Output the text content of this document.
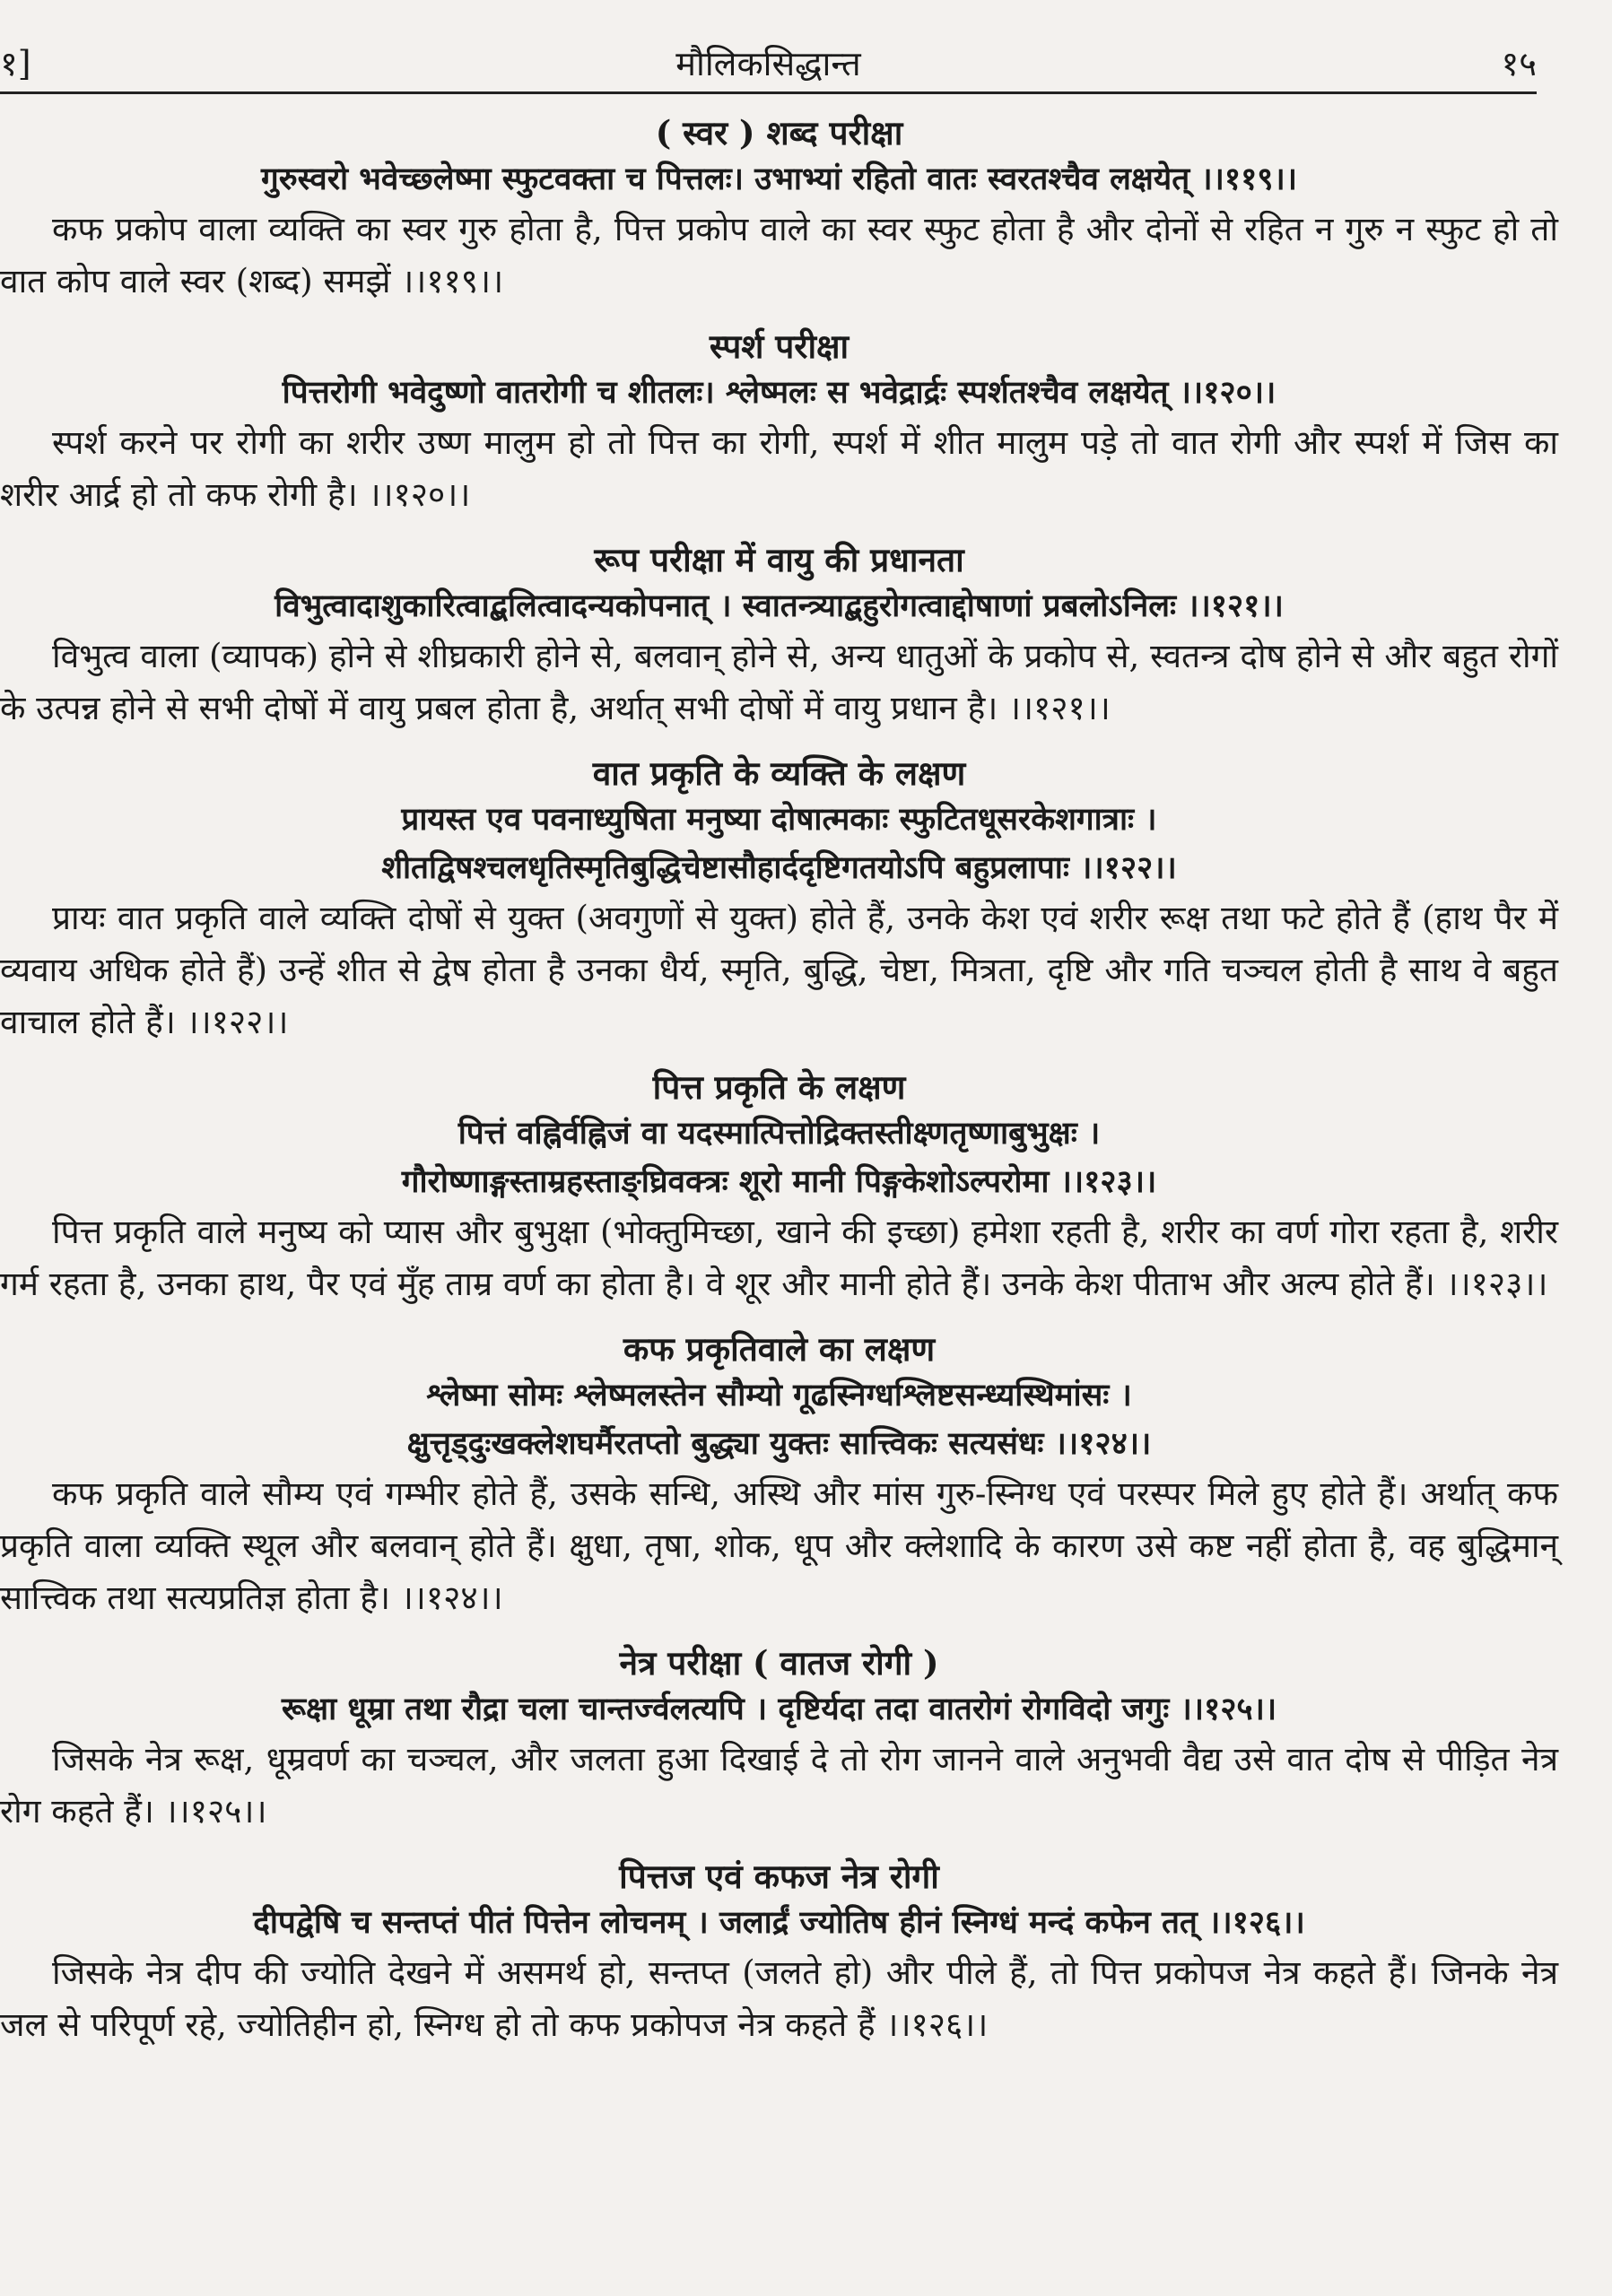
१]	मौलिकसिद्धान्त	१५
( स्वर ) शब्द परीक्षा
गुरुस्वरो भवेच्छ्लेष्मा स्फुटवक्ता च पित्तलः। उभाभ्यां रहितो वातः स्वरतश्चैव लक्षयेत् ।।११९।।

कफ प्रकोप वाला व्यक्ति का स्वर गुरु होता है, पित्त प्रकोप वाले का स्वर स्फुट होता है और दोनों से रहित न गुरु न स्फुट हो तो वात कोप वाले स्वर (शब्द) समझें ।।११९।।

स्पर्श परीक्षा
पित्तरोगी भवेदुष्णो वातरोगी च शीतलः। श्लेष्मलः स भवेद्रार्द्रः स्पर्शतश्चैव लक्षयेत् ।।१२०।।

स्पर्श करने पर रोगी का शरीर उष्ण मालुम हो तो पित्त का रोगी, स्पर्श में शीत मालुम पड़े तो वात रोगी और स्पर्श में जिस का शरीर आर्द्र हो तो कफ रोगी है। ।।१२०।।

रूप परीक्षा में वायु की प्रधानता
विभुत्वादाशुकारित्वाद्बलित्वादन्यकोपनात् । स्वातन्त्र्याद्बहुरोगत्वाद्दोषाणां प्रबलोऽनिलः ।।१२१।।

विभुत्व वाला (व्यापक) होने से शीघ्रकारी होने से, बलवान् होने से, अन्य धातुओं के प्रकोप से, स्वतन्त्र दोष होने से और बहुत रोगों के उत्पन्न होने से सभी दोषों में वायु प्रबल होता है, अर्थात् सभी दोषों में वायु प्रधान है। ।।१२१।।

वात प्रकृति के व्यक्ति के लक्षण
प्रायस्त एव पवनाध्युषिता मनुष्या दोषात्मकाः स्फुटितधूसरकेशगात्राः ।
शीतद्विषश्चलधृतिस्मृतिबुद्धिचेष्टासौहार्ददृष्टिगतयोऽपि बहुप्रलापाः ।।१२२।।

प्रायः वात प्रकृति वाले व्यक्ति दोषों से युक्त (अवगुणों से युक्त) होते हैं, उनके केश एवं शरीर रूक्ष तथा फटे होते हैं (हाथ पैर में व्यवाय अधिक होते हैं) उन्हें शीत से द्वेष होता है उनका धैर्य, स्मृति, बुद्धि, चेष्टा, मित्रता, दृष्टि और गति चञ्चल होती है साथ वे बहुत वाचाल होते हैं। ।।१२२।।

पित्त प्रकृति के लक्षण
पित्तं वह्निर्वह्निजं वा यदस्मात्पित्तोद्रिक्तस्तीक्ष्णतृष्णाबुभुक्षः ।
गौरोष्णाङ्गस्ताम्रहस्ताङ्घ्रिवक्त्रः शूरो मानी पिङ्गकेशोऽल्परोमा ।।१२३।।

पित्त प्रकृति वाले मनुष्य को प्यास और बुभुक्षा (भोक्तुमिच्छा, खाने की इच्छा) हमेशा रहती है, शरीर का वर्ण गोरा रहता है, शरीर गर्म रहता है, उनका हाथ, पैर एवं मुँह ताम्र वर्ण का होता है। वे शूर और मानी होते हैं। उनके केश पीताभ और अल्प होते हैं। ।।१२३।।

कफ प्रकृतिवाले का लक्षण
श्लेष्मा सोमः श्लेष्मलस्तेन सौम्यो गूढस्निग्धश्लिष्टसन्ध्यस्थिमांसः ।
क्षुत्तृड्दुःखक्लेशघर्मैरतप्तो बुद्ध्या युक्तः सात्त्विकः सत्यसंधः ।।१२४।।

कफ प्रकृति वाले सौम्य एवं गम्भीर होते हैं, उसके सन्धि, अस्थि और मांस गुरु-स्निग्ध एवं परस्पर मिले हुए होते हैं। अर्थात् कफ प्रकृति वाला व्यक्ति स्थूल और बलवान् होते हैं। क्षुधा, तृषा, शोक, धूप और क्लेशादि के कारण उसे कष्ट नहीं होता है, वह बुद्धिमान् सात्त्विक तथा सत्यप्रतिज्ञ होता है। ।।१२४।।

नेत्र परीक्षा ( वातज रोगी )
रूक्षा धूम्रा तथा रौद्रा चला चान्तर्ज्वलत्यपि । दृष्टिर्यदा तदा वातरोगं रोगविदो जगुः ।।१२५।।

जिसके नेत्र रूक्ष, धूम्रवर्ण का चञ्चल, और जलता हुआ दिखाई दे तो रोग जानने वाले अनुभवी वैद्य उसे वात दोष से पीड़ित नेत्र रोग कहते हैं। ।।१२५।।

पित्तज एवं कफज नेत्र रोगी
दीपद्वेषि च सन्तप्तं पीतं पित्तेन लोचनम् । जलार्द्रं ज्योतिष हीनं स्निग्धं मन्दं कफेन तत् ।।१२६।।

जिसके नेत्र दीप की ज्योति देखने में असमर्थ हो, सन्तप्त (जलते हो) और पीले हैं, तो पित्त प्रकोपज नेत्र कहते हैं। जिनके नेत्र जल से परिपूर्ण रहे, ज्योतिहीन हो, स्निग्ध हो तो कफ प्रकोपज नेत्र कहते हैं ।।१२६।।
